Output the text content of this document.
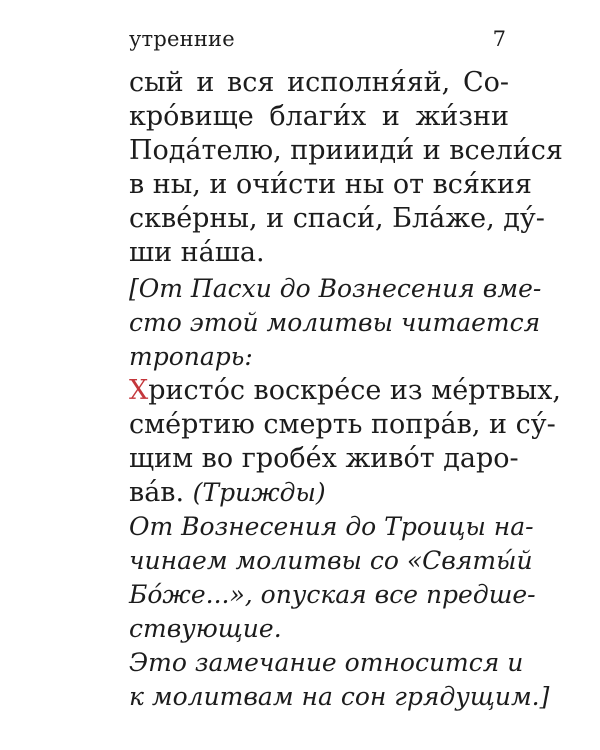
утренние	7
сый и вся исполня́яй, Со-
кро́вище благи́х и жи́зни
Пода́телю, приииди́ и всели́ся
в ны, и очи́сти ны от вся́кия
скве́рны, и спаси́, Бла́же, ду́-
ши на́ша.
[От Пасхи до Вознесения вме-
сто этой молитвы читается
тропарь:
Христо́с воскре́се из ме́ртвых,
сме́ртию смерть попра́в, и су́-
щим во гробе́х живо́т даро-
ва́в. (Трижды)
От Вознесения до Троицы на-
чинаем молитвы со «Святы́й
Бо́же...», опуская все предше-
ствующие.
Это замечание относится и
к молитвам на сон грядущим.]
